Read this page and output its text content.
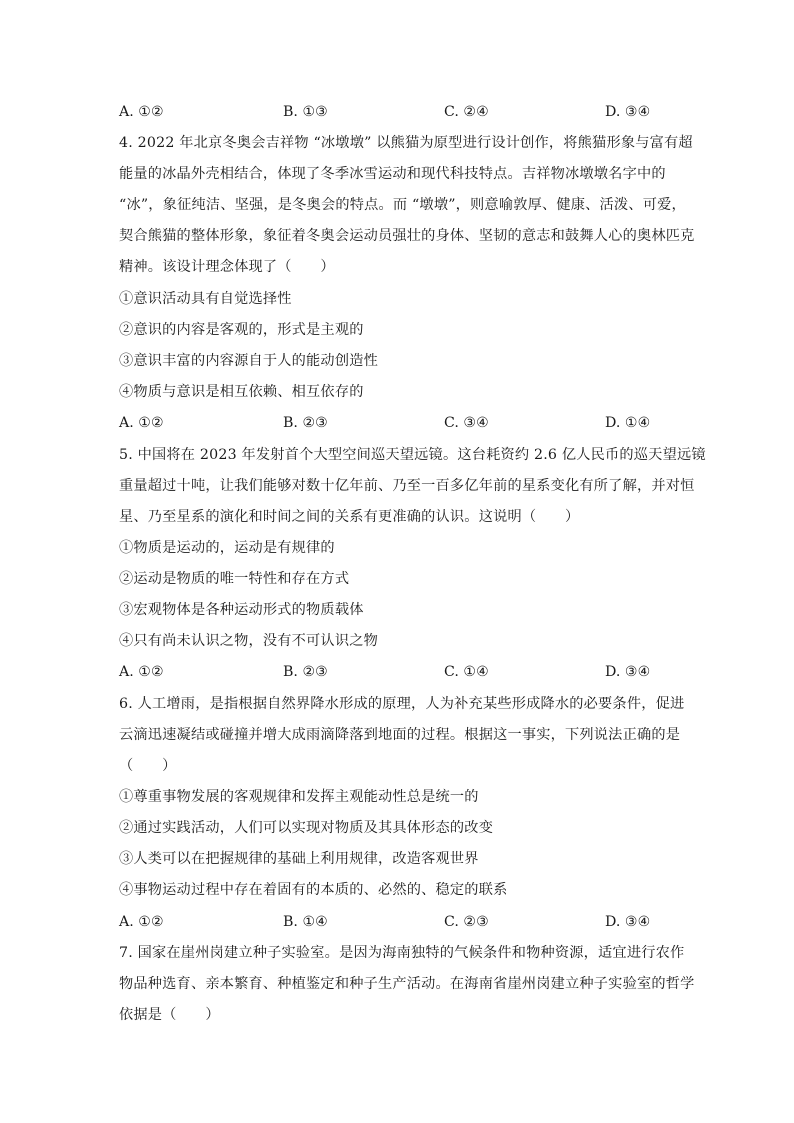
A. ①②	B. ①③	C. ②④	D. ③④
4. 2022 年北京冬奥会吉祥物 “冰墩墩” 以熊猫为原型进行设计创作，将熊猫形象与富有超
能量的冰晶外壳相结合，体现了冬季冰雪运动和现代科技特点。吉祥物冰墩墩名字中的
“冰”，象征纯洁、坚强，是冬奥会的特点。而 “墩墩”，则意喻敦厚、健康、活泼、可爱，
契合熊猫的整体形象，象征着冬奥会运动员强壮的身体、坚韧的意志和鼓舞人心的奥林匹克
精神。该设计理念体现了（　　）
①意识活动具有自觉选择性
②意识的内容是客观的，形式是主观的
③意识丰富的内容源自于人的能动创造性
④物质与意识是相互依赖、相互依存的
A. ①②	B. ②③	C. ③④	D. ①④
5. 中国将在 2023 年发射首个大型空间巡天望远镜。这台耗资约 2.6 亿人民币的巡天望远镜
重量超过十吨，让我们能够对数十亿年前、乃至一百多亿年前的星系变化有所了解，并对恒
星、乃至星系的演化和时间之间的关系有更准确的认识。这说明（　　）
①物质是运动的，运动是有规律的
②运动是物质的唯一特性和存在方式
③宏观物体是各种运动形式的物质载体
④只有尚未认识之物，没有不可认识之物
A. ①②	B. ②③	C. ①④	D. ③④
6. 人工增雨，是指根据自然界降水形成的原理，人为补充某些形成降水的必要条件，促进
云滴迅速凝结或碰撞并增大成雨滴降落到地面的过程。根据这一事实，下列说法正确的是
（　　）
①尊重事物发展的客观规律和发挥主观能动性总是统一的
②通过实践活动，人们可以实现对物质及其具体形态的改变
③人类可以在把握规律的基础上利用规律，改造客观世界
④事物运动过程中存在着固有的本质的、必然的、稳定的联系
A. ①②	B. ①④	C. ②③	D. ③④
7. 国家在崖州岗建立种子实验室。是因为海南独特的气候条件和物种资源，适宜进行农作
物品种选育、亲本繁育、种植鉴定和种子生产活动。在海南省崖州岗建立种子实验室的哲学
依据是（　　）
